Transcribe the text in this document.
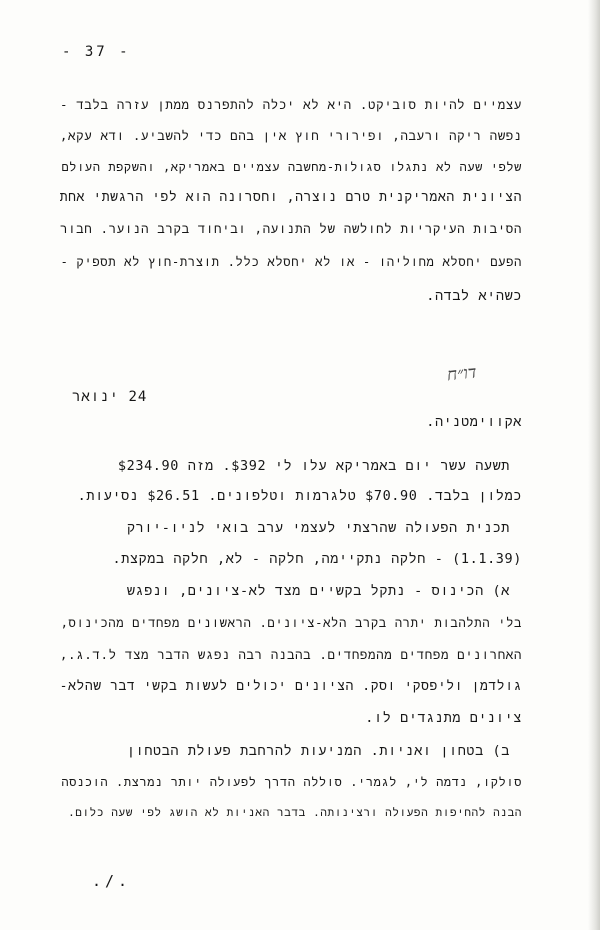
- 37 -
עצמיים להיות סוביקט. היא לא יכלה להתפרנס ממתן עזרה בלבד -
נפשה ריקה ורעבה, ופירורי חוץ אין בהם כדי להשביע. ודא עקא,
שלפי שעה לא נתגלו סגולות-מחשבה עצמיים באמריקא, והשקפת העולם
הציונית האמריקנית טרם נוצרה, וחסרונה הוא לפי הרגשתי אחת
הסיבות העיקריות לחולשה של התנועה, וביחוד בקרב הנוער. חבור
הפעם יחסלא מחוליהו - או לא יחסלא כלל. תוצרת-חוץ לא תספיק -
כשהיא לבדה.
דו״ח
24 ינואר
אקווימטניה.
תשעה עשר יום באמריקא עלו לי $392. מזה $234.90
כמלון בלבד. $70.90 טלגרמות וטלפונים. $26.51 נסיעות.
תכנית הפעולה שהרצתי לעצמי ערב בואי לניו-יורק
(1.1.39) - חלקה נתקיימה, חלקה - לא, חלקה במקצת.
א) הכינוס - נתקל בקשיים מצד לא-ציונים, ונפגש
בלי התלהבות יתרה בקרב הלא-ציונים. הראשונים מפחדים מהכינוס,
האחרונים מפחדים מהמפחדים. בהבנה רבה נפגש הדבר מצד ל.ד.ג.,
גולדמן וליפסקי וסק. הציונים יכולים לעשות בקשי דבר שהלא-
ציונים מתנגדים לו.
ב) בטחון ואניות. המניעות להרחבת פעולת הבטחון
סולקו, נדמה לי, לגמרי. סוללה הדרך לפעולה יותר נמרצת. הוכנסה
הבנה להחיפות הפעולה ורצינותה. בדבר האניות לא הושג לפי שעה כלום.
./.
